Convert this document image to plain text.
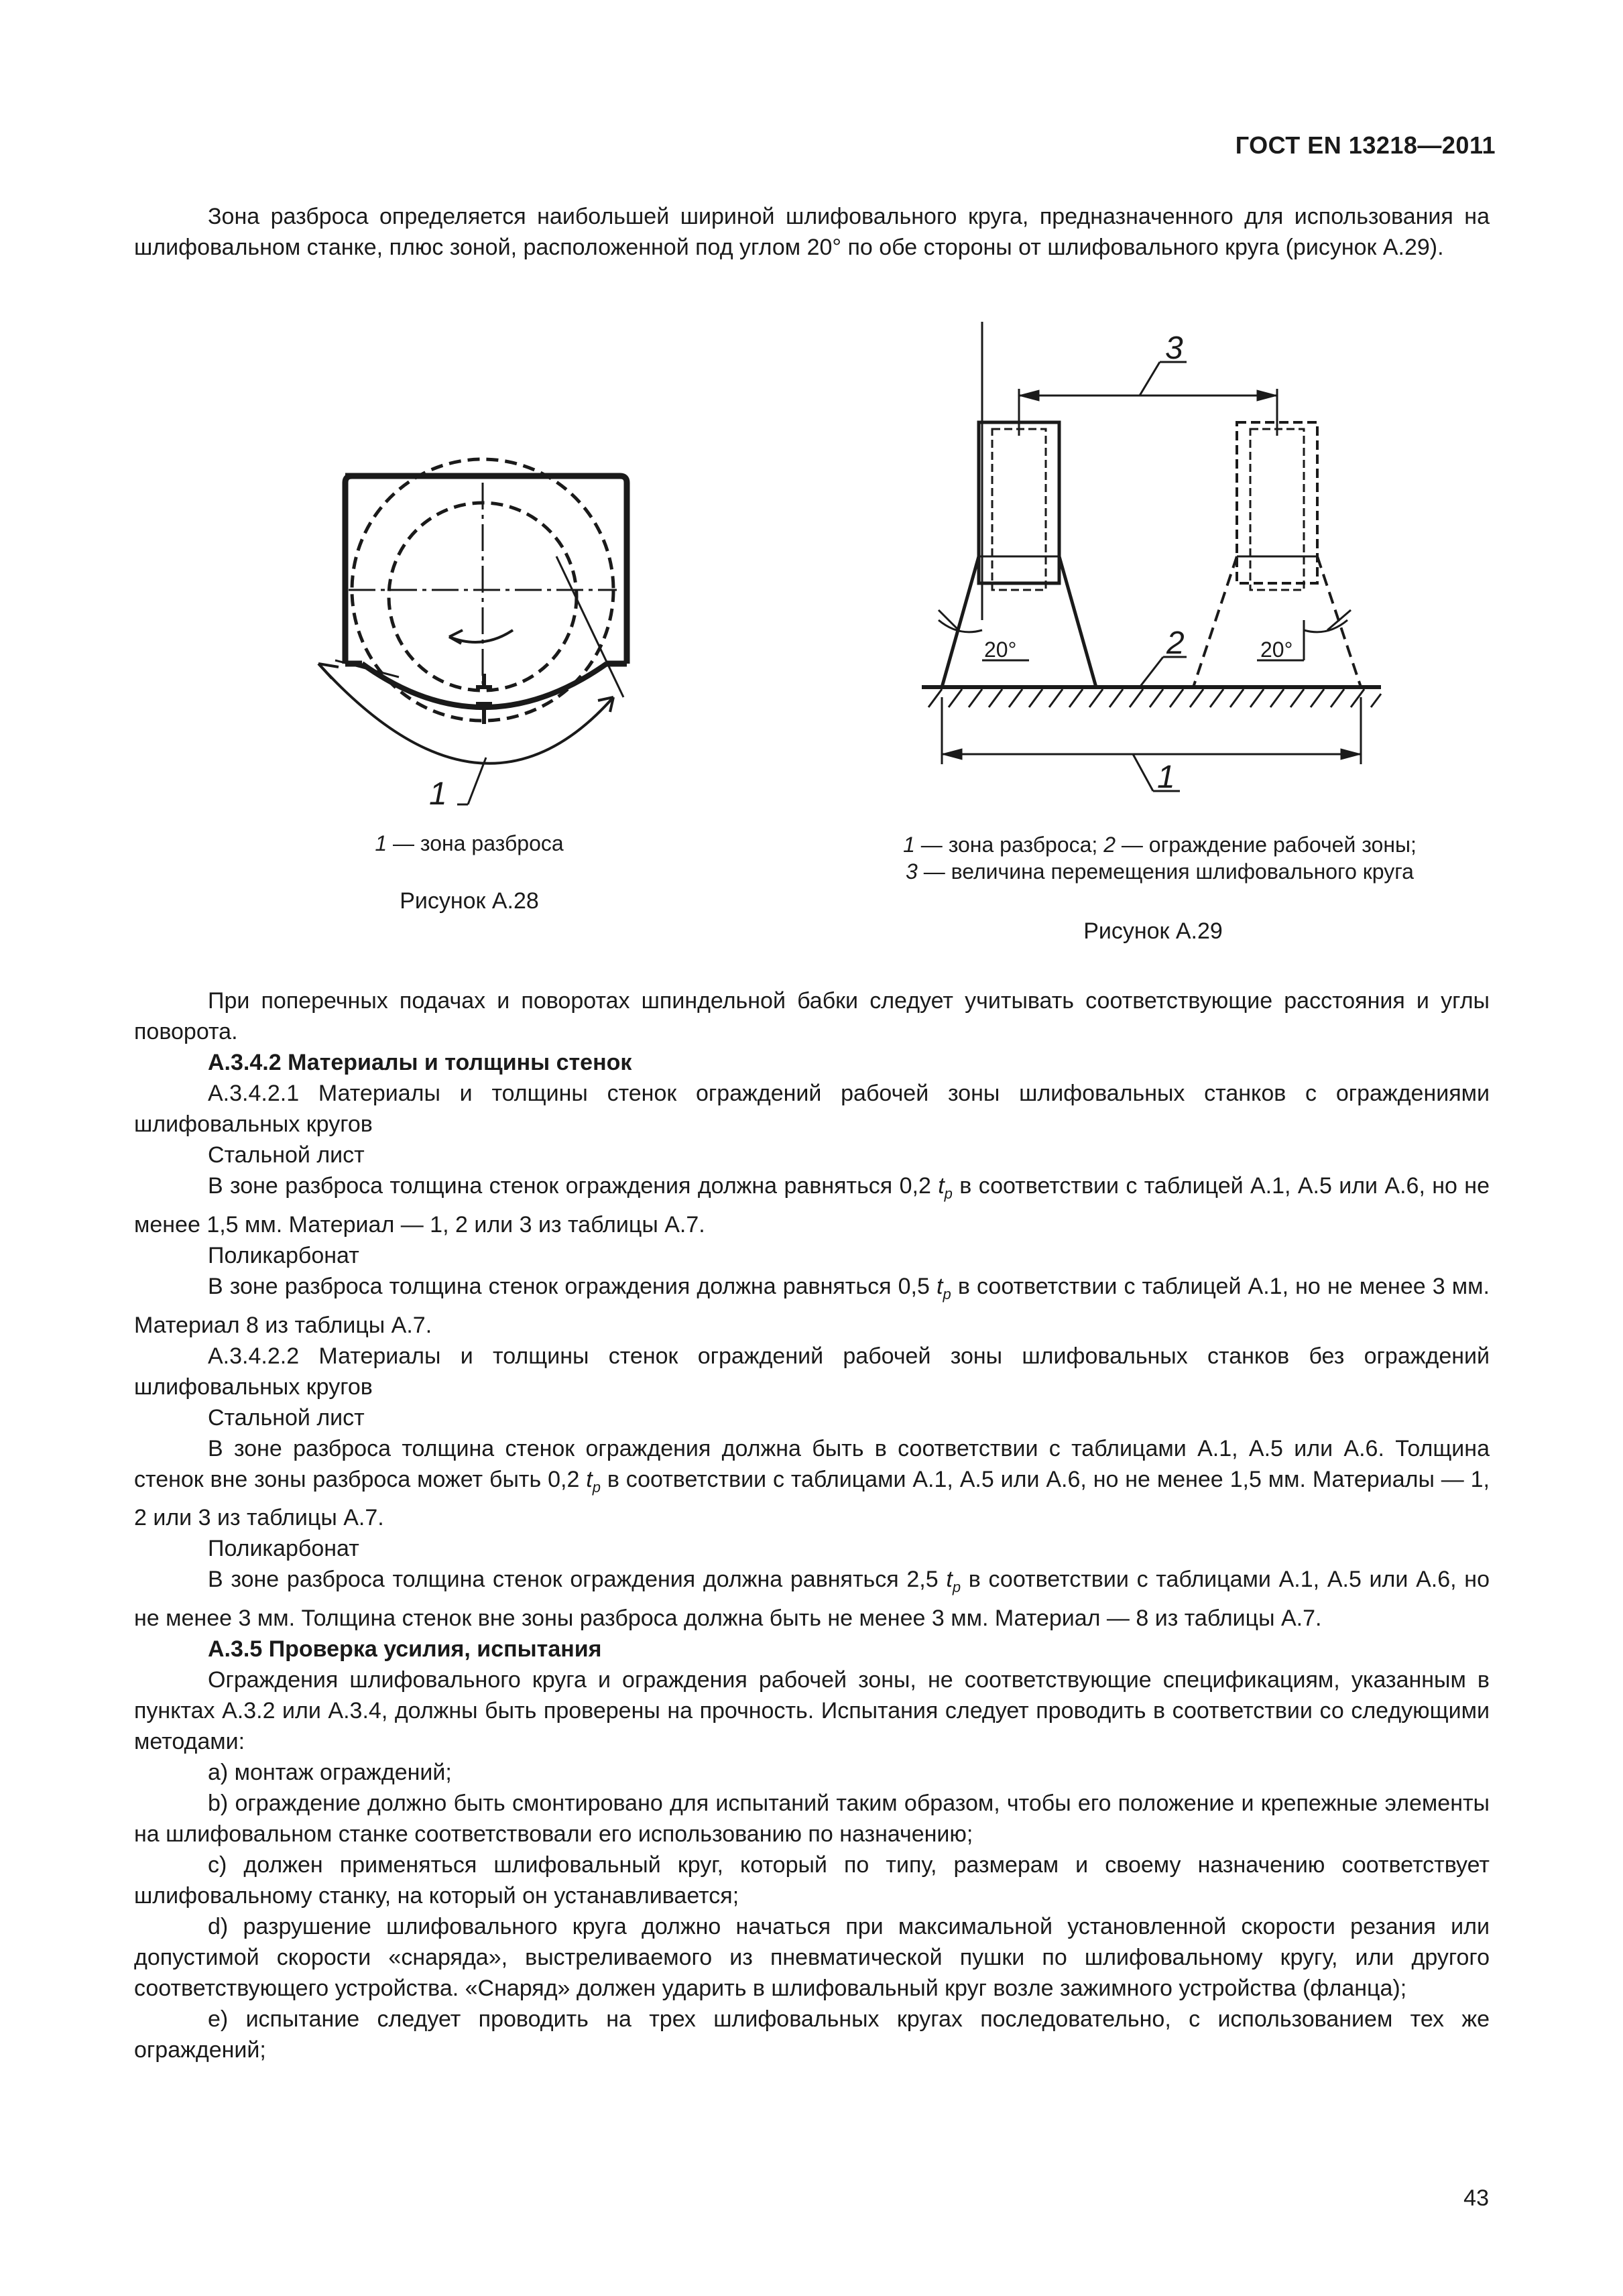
ГОСТ EN 13218—2011

Зона разброса определяется наибольшей шириной шлифовального круга, предназначенного для использования на шлифовальном станке, плюс зоной, расположенной под углом 20° по обе стороны от шлифовального круга (рисунок А.29).

1
1 — зона разброса
Рисунок А.28
3
2
1
20°	20°
1 — зона разброса; 2 — ограждение рабочей зоны;
3 — величина перемещения шлифовального круга
Рисунок А.29

При поперечных подачах и поворотах шпиндельной бабки следует учитывать соответствующие расстояния и углы поворота.

А.3.4.2 Материалы и толщины стенок

А.3.4.2.1 Материалы и толщины стенок ограждений рабочей зоны шлифовальных станков с ограждениями шлифовальных кругов

Стальной лист

В зоне разброса толщина стенок ограждения должна равняться 0,2 $t_p$ в соответствии с таблицей А.1, А.5 или А.6, но не менее 1,5 мм. Материал — 1, 2 или 3 из таблицы А.7.

Поликарбонат

В зоне разброса толщина стенок ограждения должна равняться 0,5 $t_p$ в соответствии с таблицей А.1, но не менее 3 мм. Материал 8 из таблицы А.7.

А.3.4.2.2 Материалы и толщины стенок ограждений рабочей зоны шлифовальных станков без ограждений шлифовальных кругов

Стальной лист

В зоне разброса толщина стенок ограждения должна быть в соответствии с таблицами А.1, А.5 или А.6. Толщина стенок вне зоны разброса может быть 0,2 $t_p$ в соответствии с таблицами А.1, А.5 или А.6, но не менее 1,5 мм. Материалы — 1, 2 или 3 из таблицы А.7.

Поликарбонат

В зоне разброса толщина стенок ограждения должна равняться 2,5 $t_p$ в соответствии с таблицами А.1, А.5 или А.6, но не менее 3 мм. Толщина стенок вне зоны разброса должна быть не менее 3 мм. Материал — 8 из таблицы А.7.

А.3.5 Проверка усилия, испытания

Ограждения шлифовального круга и ограждения рабочей зоны, не соответствующие спецификациям, указанным в пунктах А.3.2 или А.3.4, должны быть проверены на прочность. Испытания следует проводить в соответствии со следующими методами:

а) монтаж ограждений;

b) ограждение должно быть смонтировано для испытаний таким образом, чтобы его положение и крепежные элементы на шлифовальном станке соответствовали его использованию по назначению;

c) должен применяться шлифовальный круг, который по типу, размерам и своему назначению соответствует шлифовальному станку, на который он устанавливается;

d) разрушение шлифовального круга должно начаться при максимальной установленной скорости резания или допустимой скорости «снаряда», выстреливаемого из пневматической пушки по шлифовальному кругу, или другого соответствующего устройства. «Снаряд» должен ударить в шлифовальный круг возле зажимного устройства (фланца);

е) испытание следует проводить на трех шлифовальных кругах последовательно, с использованием тех же ограждений;

43
